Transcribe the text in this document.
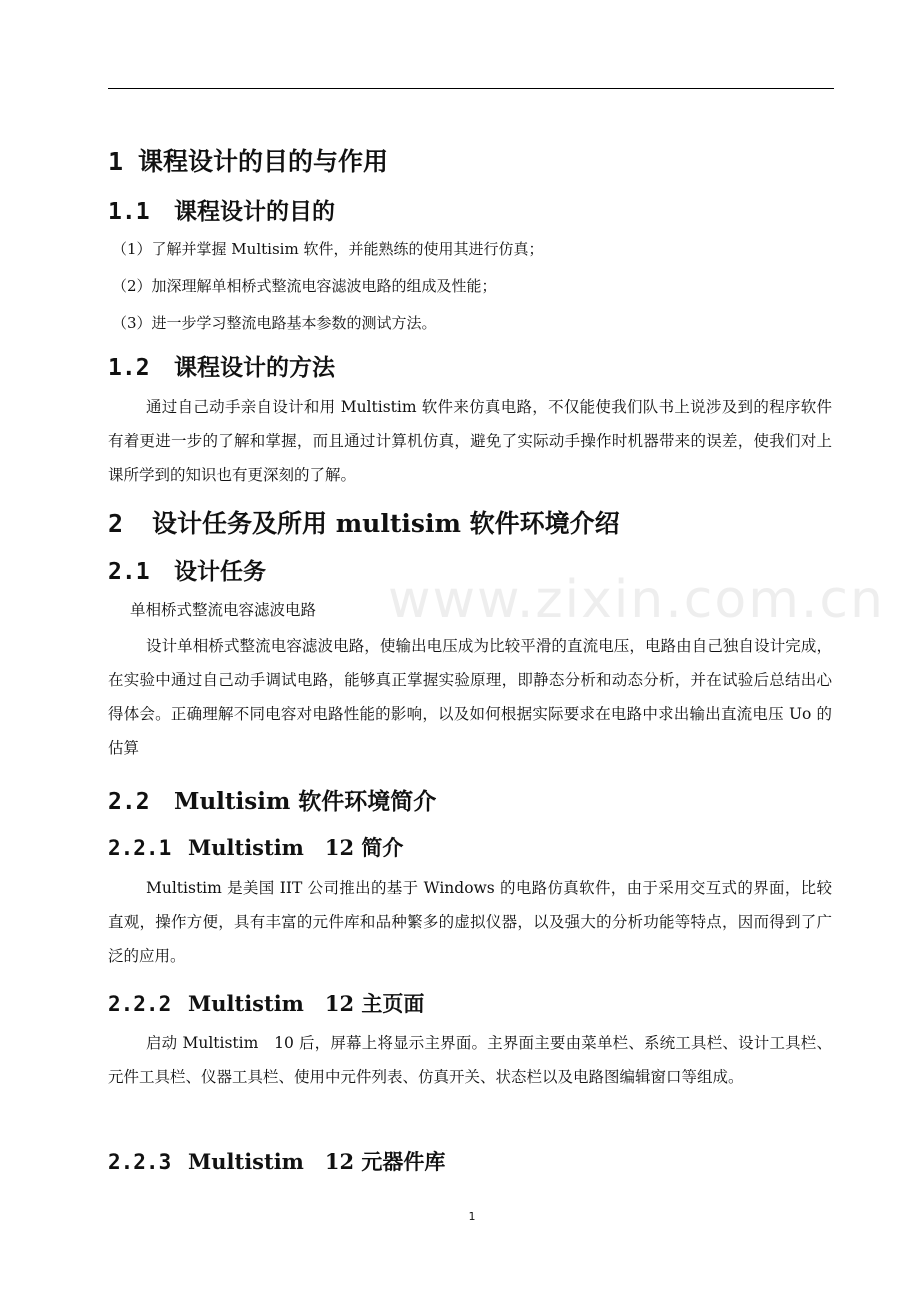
www.zixin.com.cn
1 课程设计的目的与作用
1.1 课程设计的目的
（1）了解并掌握 Multisim 软件，并能熟练的使用其进行仿真；
（2）加深理解单相桥式整流电容滤波电路的组成及性能；
（3）进一步学习整流电路基本参数的测试方法。
1.2 课程设计的方法
通过自己动手亲自设计和用 Multistim 软件来仿真电路，不仅能使我们队书上说涉及到的程序软件有着更进一步的了解和掌握，而且通过计算机仿真，避免了实际动手操作时机器带来的误差，使我们对上课所学到的知识也有更深刻的了解。
2 设计任务及所用 multisim 软件环境介绍
2.1 设计任务
单相桥式整流电容滤波电路
设计单相桥式整流电容滤波电路，使输出电压成为比较平滑的直流电压，电路由自己独自设计完成，在实验中通过自己动手调试电路，能够真正掌握实验原理，即静态分析和动态分析，并在试验后总结出心得体会。正确理解不同电容对电路性能的影响，以及如何根据实际要求在电路中求出输出直流电压 Uo 的估算
2.2 Multisim 软件环境简介
2.2.1 Multistim　12 简介
Multistim 是美国 IIT 公司推出的基于 Windows 的电路仿真软件，由于采用交互式的界面，比较直观，操作方便，具有丰富的元件库和品种繁多的虚拟仪器，以及强大的分析功能等特点，因而得到了广泛的应用。
2.2.2 Multistim　12 主页面
启动 Multistim　10 后，屏幕上将显示主界面。主界面主要由菜单栏、系统工具栏、设计工具栏、元件工具栏、仪器工具栏、使用中元件列表、仿真开关、状态栏以及电路图编辑窗口等组成。
2.2.3 Multistim　12 元器件库
1
